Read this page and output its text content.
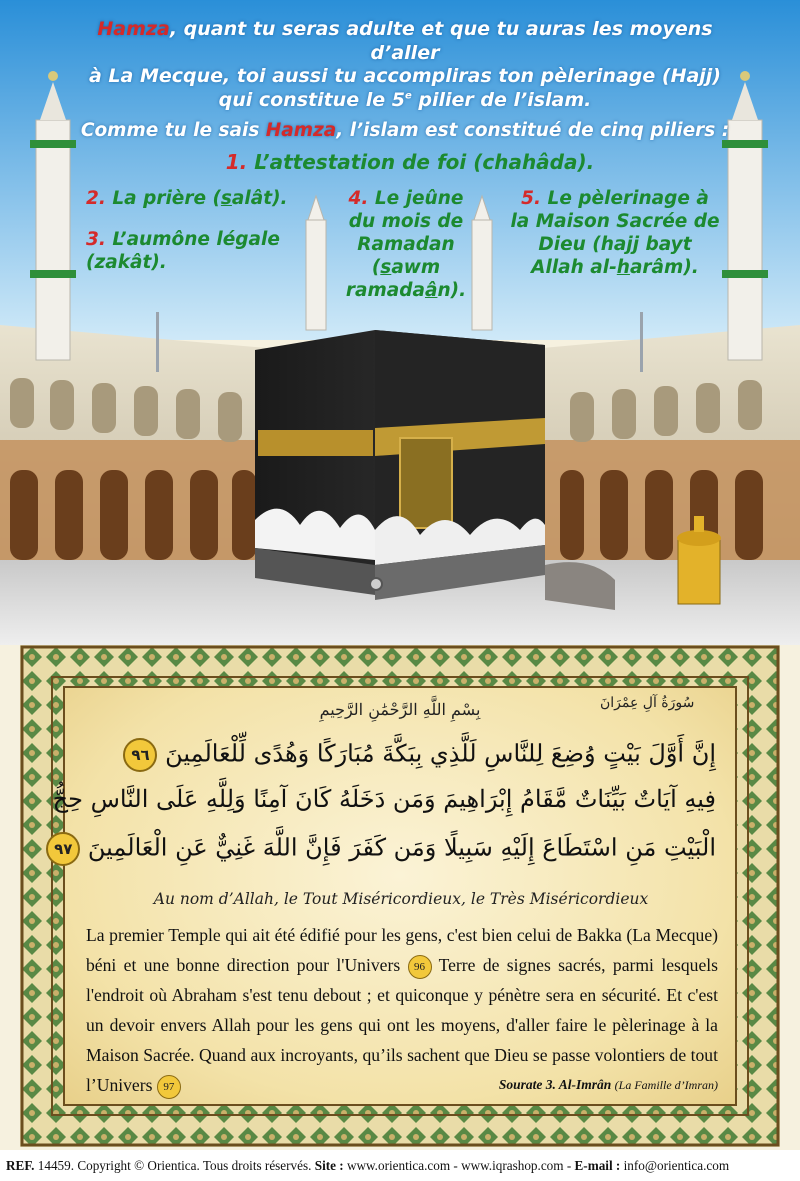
Hamza, quant tu seras adulte et que tu auras les moyens d’aller
à La Mecque, toi aussi tu accompliras ton pèlerinage (Hajj)
qui constitue le 5e pilier de l’islam.
Comme tu le sais Hamza, l’islam est constitué de cinq piliers :
1. L’attestation de foi (chahâda).
2. La prière (salât).
3. L’aumône légale (zakât).
4. Le jeûne du mois de Ramadan (sawm ramadaân).
5. Le pèlerinage à la Maison Sacrée de Dieu (hajj bayt Allah al-harâm).
سُورَةُ آلِ عِمْرَانَ
بِسْمِ اللَّهِ الرَّحْمَٰنِ الرَّحِيمِ
إِنَّ أَوَّلَ بَيْتٍ وُضِعَ لِلنَّاسِ لَلَّذِي بِبَكَّةَ مُبَارَكًا وَهُدًى لِّلْعَالَمِينَ ٩٦
فِيهِ آيَاتٌ بَيِّنَاتٌ مَّقَامُ إِبْرَاهِيمَ وَمَن دَخَلَهُ كَانَ آمِنًا وَلِلَّهِ عَلَى النَّاسِ حِجُّ
الْبَيْتِ مَنِ اسْتَطَاعَ إِلَيْهِ سَبِيلًا وَمَن كَفَرَ فَإِنَّ اللَّهَ غَنِيٌّ عَنِ الْعَالَمِينَ ٩٧
Au nom d’Allah, le Tout Miséricordieux, le Très Miséricordieux
La premier Temple qui ait été édifié pour les gens, c'est bien celui de Bakka (La Mecque) béni et une bonne direction pour l'Univers 96 Terre de signes sacrés, parmi lesquels l'endroit où Abraham s'est tenu debout ; et quiconque y pénètre sera en sécurité. Et c'est un devoir envers Allah pour les gens qui ont les moyens, d'aller faire le pèlerinage à la Maison Sacrée. Quand aux incroyants, qu’ils sachent que Dieu se passe volontiers de tout l’Univers 97	Sourate 3. Al-Imrân (La Famille d’Imran)
REF. 14459. Copyright © Orientica. Tous droits réservés. Site : www.orientica.com - www.iqrashop.com - E-mail : info@orientica.com
